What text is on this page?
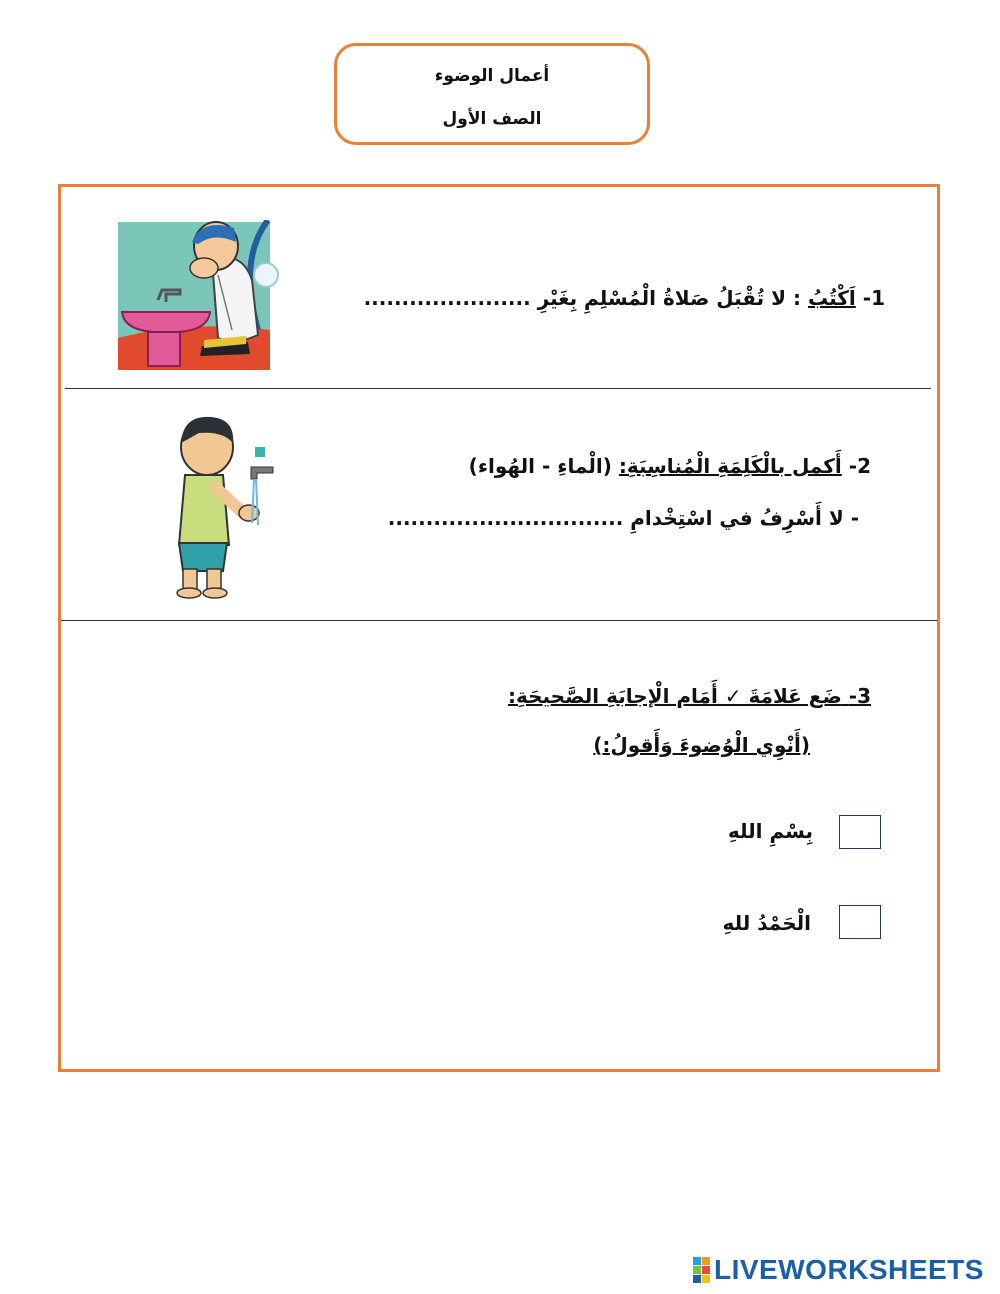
أعمال الوضوء
الصف الأول
1- اَكْتُبُ : لا تُقْبَلُ صَلاةُ الْمُسْلِمِ بِغَيْرِ ......................
2- أَكمل بالْكَلِمَةِ الْمُناسِبَةِ: (الْماءِ - الهُواء)
- لا أَسْرِفُ في اسْتِخْدامِ ...............................
3- ضَع عَلامَةَ ✓ أَمَام الْإجابَةِ الصَّحيحَةِ:
(أَنْوِي الْوُضوءَ وَأَقولُ:)
بِسْمِ اللهِ
الْحَمْدُ للهِ
LIVEWORKSHEETS
